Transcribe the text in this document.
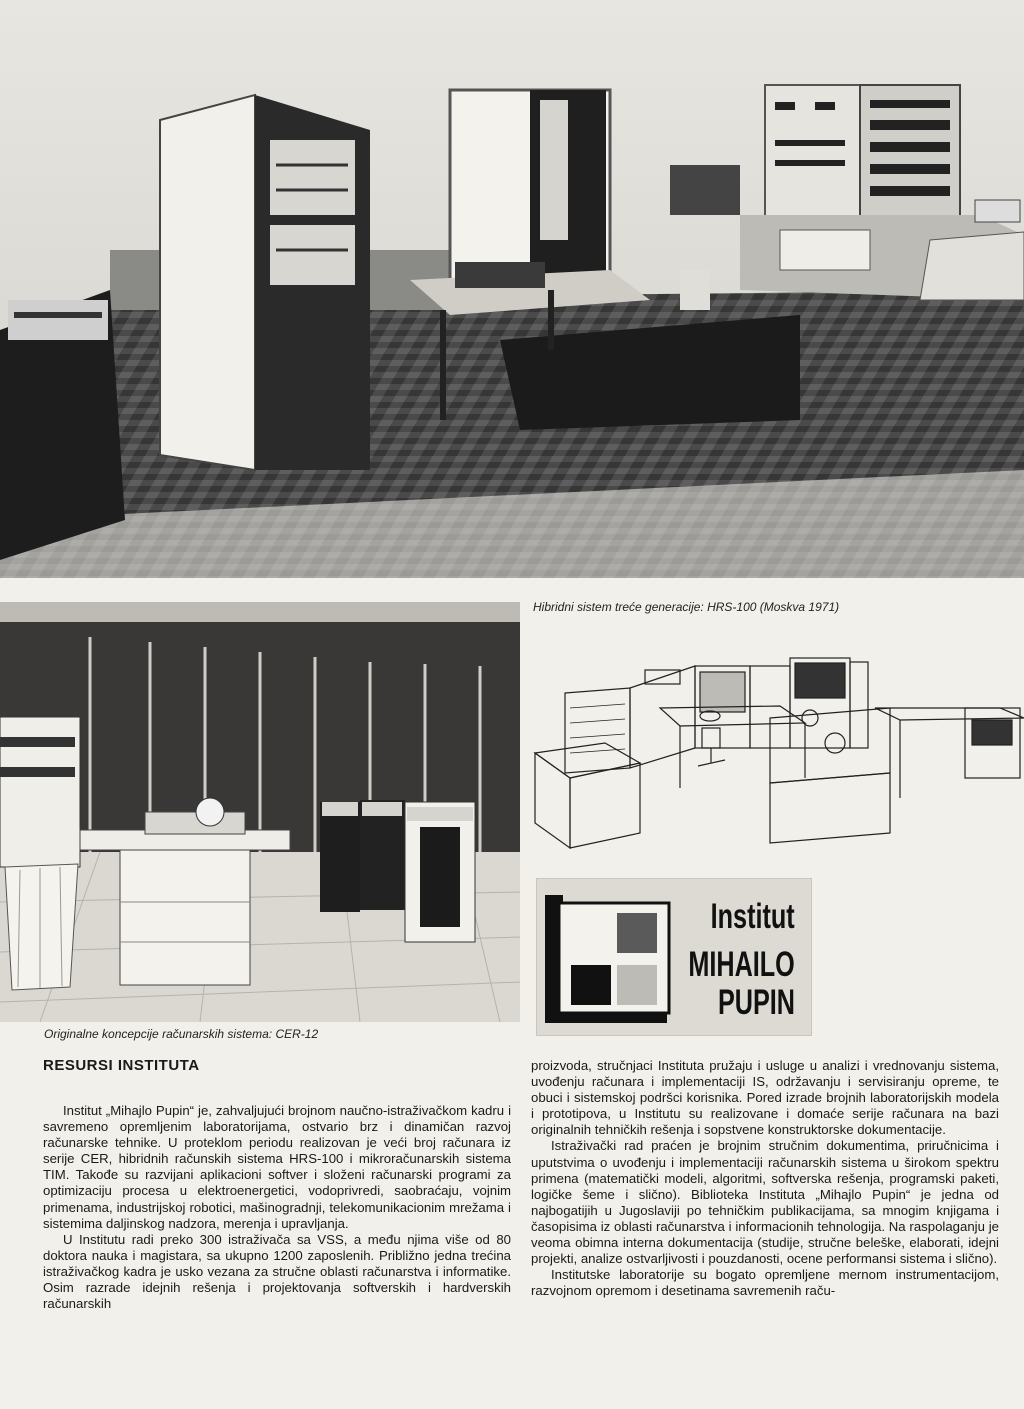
Hibridni sistem treće generacije: HRS-100 (Moskva 1971)
Originalne koncepcije računarskih sistema: CER-12
Institut
MIHAILO
PUPIN
RESURSI INSTITUTA

Institut „Mihajlo Pupin“ je, zahvaljujući brojnom naučno-istraživačkom kadru i savremeno opremljenim laboratorijama, ostvario brz i dinamičan razvoj računarske tehnike. U proteklom periodu realizovan je veći broj računara iz serije CER, hibridnih računskih sistema HRS-100 i mikroračunarskih sistema TIM. Takođe su razvijani aplikacioni softver i složeni računarski programi za optimizaciju procesa u elektroenergetici, vodoprivredi, saobraćaju, vojnim primenama, industrijskoj robotici, mašinogradnji, telekomunikacionim mrežama i sistemima daljinskog nadzora, merenja i upravljanja.

U Institutu radi preko 300 istraživača sa VSS, a među njima više od 80 doktora nauka i magistara, sa ukupno 1200 zaposlenih. Približno jedna trećina istraživačkog kadra je usko vezana za stručne oblasti računarstva i informatike. Osim razrade idejnih rešenja i projektovanja softverskih i hardverskih računarskih

proizvoda, stručnjaci Instituta pružaju i usluge u analizi i vrednovanju sistema, uvođenju računara i implementaciji IS, održavanju i servisiranju opreme, te obuci i sistemskoj podršci korisnika. Pored izrade brojnih laboratorijskih modela i prototipova, u Institutu su realizovane i domaće serije računara na bazi originalnih tehničkih rešenja i sopstvene konstruktorske dokumentacije.

Istraživački rad praćen je brojnim stručnim dokumentima, priručnicima i uputstvima o uvođenju i implementaciji računarskih sistema u širokom spektru primena (matematički modeli, algoritmi, softverska rešenja, programski paketi, logičke šeme i slično). Biblioteka Instituta „Mihajlo Pupin“ je jedna od najbogatijih u Jugoslaviji po tehničkim publikacijama, sa mnogim knjigama i časopisima iz oblasti računarstva i informacionih tehnologija. Na raspolaganju je veoma obimna interna dokumentacija (studije, stručne beleške, elaborati, idejni projekti, analize ostvarljivosti i pouzdanosti, ocene performansi sistema i slično).

Institutske laboratorije su bogato opremljene mernom instrumentacijom, razvojnom opremom i desetinama savremenih raču-
